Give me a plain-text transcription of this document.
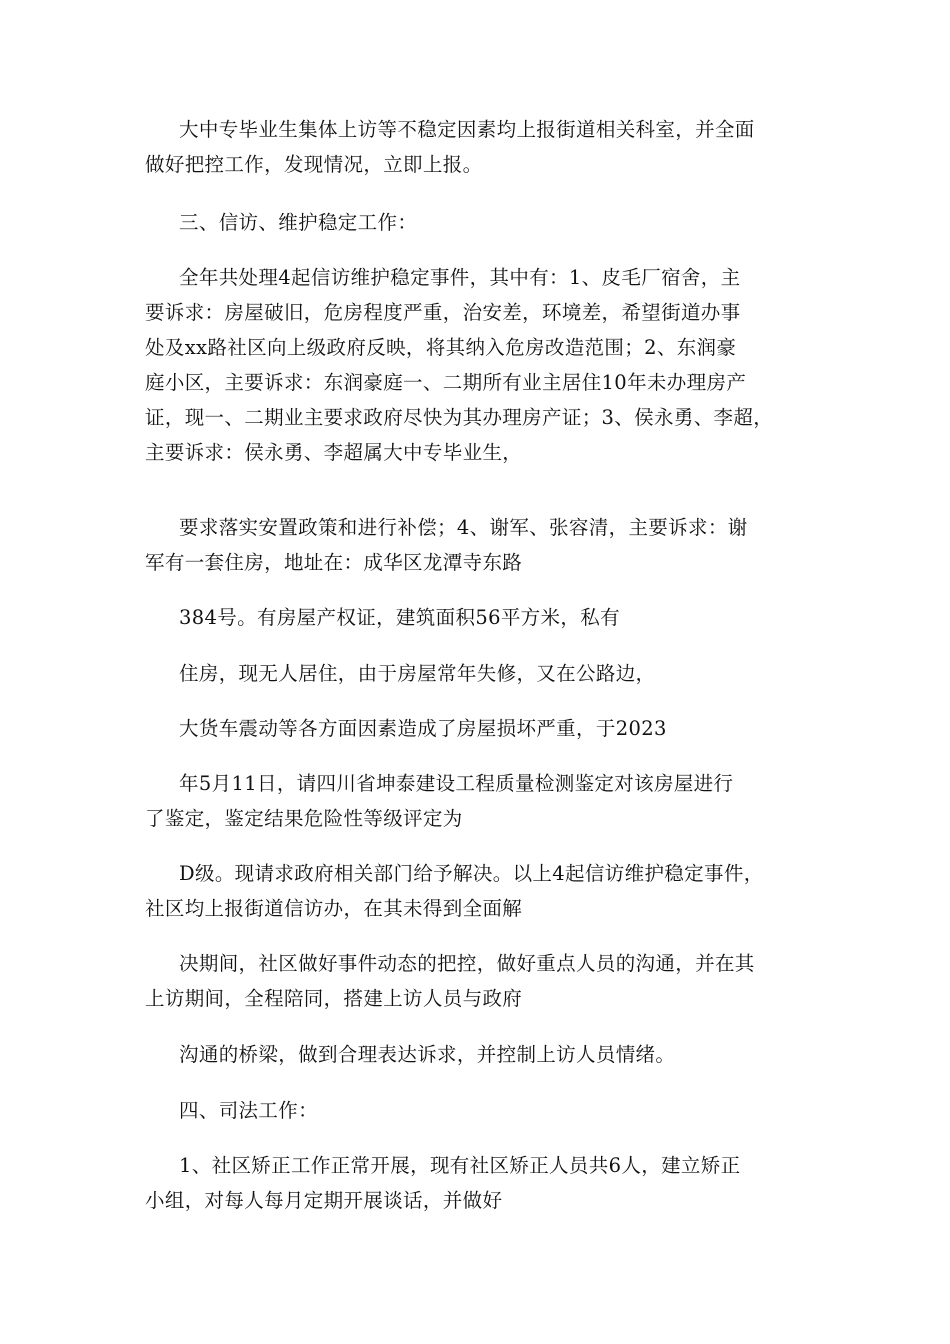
大中专毕业生集体上访等不稳定因素均上报街道相关科室，并全面
做好把控工作，发现情况，立即上报。

三、信访、维护稳定工作：

全年共处理4起信访维护稳定事件，其中有：1、皮毛厂宿舍，主
要诉求：房屋破旧，危房程度严重，治安差，环境差，希望街道办事
处及xx路社区向上级政府反映，将其纳入危房改造范围；2、东润豪
庭小区，主要诉求：东润豪庭一、二期所有业主居住10年未办理房产
证，现一、二期业主要求政府尽快为其办理房产证；3、侯永勇、李超，
主要诉求：侯永勇、李超属大中专毕业生，

要求落实安置政策和进行补偿；4、谢军、张容清，主要诉求：谢
军有一套住房，地址在：成华区龙潭寺东路

384号。有房屋产权证，建筑面积56平方米，私有

住房，现无人居住，由于房屋常年失修，又在公路边，

大货车震动等各方面因素造成了房屋损坏严重，于2023

年5月11日，请四川省坤泰建设工程质量检测鉴定对该房屋进行
了鉴定，鉴定结果危险性等级评定为

D级。现请求政府相关部门给予解决。以上4起信访维护稳定事件，
社区均上报街道信访办，在其未得到全面解

决期间，社区做好事件动态的把控，做好重点人员的沟通，并在其
上访期间，全程陪同，搭建上访人员与政府

沟通的桥梁，做到合理表达诉求，并控制上访人员情绪。

四、司法工作：

1、社区矫正工作正常开展，现有社区矫正人员共6人，建立矫正
小组，对每人每月定期开展谈话，并做好
